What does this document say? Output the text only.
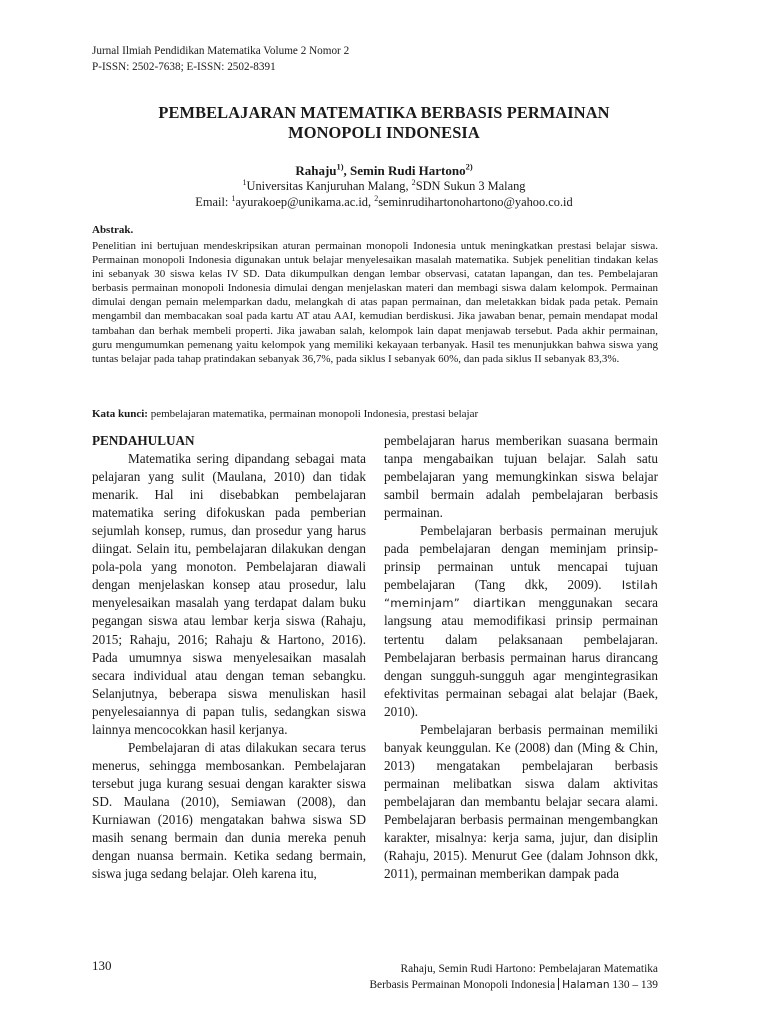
Jurnal Ilmiah Pendidikan Matematika Volume 2 Nomor 2
P-ISSN: 2502-7638; E-ISSN: 2502-8391
PEMBELAJARAN MATEMATIKA BERBASIS PERMAINAN
MONOPOLI INDONESIA
Rahaju$^{1)}$, Semin Rudi Hartono$^{2)}$
$^1$Universitas Kanjuruhan Malang, $^2$SDN Sukun 3 Malang
Email: $^1$ayurakoep@unikama.ac.id, $^2$seminrudihartonohartono@yahoo.co.id
Abstrak.

Penelitian ini bertujuan mendeskripsikan aturan permainan monopoli Indonesia untuk meningkatkan prestasi belajar siswa. Permainan monopoli Indonesia digunakan untuk belajar menyelesaikan masalah matematika. Subjek penelitian tindakan kelas ini sebanyak 30 siswa kelas IV SD. Data dikumpulkan dengan lembar observasi, catatan lapangan, dan tes. Pembelajaran berbasis permainan monopoli Indonesia dimulai dengan menjelaskan materi dan membagi siswa dalam kelompok. Permainan dimulai dengan pemain melemparkan dadu, melangkah di atas papan permainan, dan meletakkan bidak pada petak. Pemain mengambil dan membacakan soal pada kartu AT atau AAI, kemudian berdiskusi. Jika jawaban benar, pemain mendapat modal tambahan dan berhak membeli properti. Jika jawaban salah, kelompok lain dapat menjawab tersebut. Pada akhir permainan, guru mengumumkan pemenang yaitu kelompok yang memiliki kekayaan terbanyak. Hasil tes menunjukkan bahwa siswa yang tuntas belajar pada tahap pratindakan sebanyak 36,7%, pada siklus I sebanyak 60%, dan pada siklus II sebanyak 83,3%.

Kata kunci: pembelajaran matematika, permainan monopoli Indonesia, prestasi belajar

PENDAHULUAN

Matematika sering dipandang sebagai mata pelajaran yang sulit (Maulana, 2010) dan tidak menarik. Hal ini disebabkan pembelajaran matematika sering difokuskan pada pemberian sejumlah konsep, rumus, dan prosedur yang harus diingat. Selain itu, pembelajaran dilakukan dengan pola-pola yang monoton. Pembelajaran diawali dengan menjelaskan konsep atau prosedur, lalu menyelesaikan masalah yang terdapat dalam buku pegangan siswa atau lembar kerja siswa (Rahaju, 2015; Rahaju, 2016; Rahaju & Hartono, 2016). Pada umumnya siswa menyelesaikan masalah secara individual atau dengan teman sebangku. Selanjutnya, beberapa siswa menuliskan hasil penyelesaiannya di papan tulis, sedangkan siswa lainnya mencocokkan hasil kerjanya.

Pembelajaran di atas dilakukan secara terus menerus, sehingga membosankan. Pembelajaran tersebut juga kurang sesuai dengan karakter siswa SD. Maulana (2010), Semiawan (2008), dan Kurniawan (2016) mengatakan bahwa siswa SD masih senang bermain dan dunia mereka penuh dengan nuansa bermain. Ketika sedang bermain, siswa juga sedang belajar. Oleh karena itu,

pembelajaran harus memberikan suasana bermain tanpa mengabaikan tujuan belajar. Salah satu pembelajaran yang memungkinkan siswa belajar sambil bermain adalah pembelajaran berbasis permainan.

Pembelajaran berbasis permainan merujuk pada pembelajaran dengan meminjam prinsip-prinsip permainan untuk mencapai tujuan pembelajaran (Tang dkk, 2009). Istilah “meminjam” diartikan menggunakan secara langsung atau memodifikasi prinsip permainan tertentu dalam pelaksanaan pembelajaran. Pembelajaran berbasis permainan harus dirancang dengan sungguh-sungguh agar mengintegrasikan efektivitas permainan sebagai alat belajar (Baek, 2010).

Pembelajaran berbasis permainan memiliki banyak keunggulan. Ke (2008) dan (Ming & Chin, 2013) mengatakan pembelajaran berbasis permainan melibatkan siswa dalam aktivitas pembelajaran dan membantu belajar secara alami. Pembelajaran berbasis permainan mengembangkan karakter, misalnya: kerja sama, jujur, dan disiplin (Rahaju, 2015). Menurut Gee (dalam Johnson dkk, 2011), permainan memberikan dampak pada

130	Rahaju, Semin Rudi Hartono: Pembelajaran Matematika
Berbasis Permainan Monopoli Indonesia Halaman 130 – 139
